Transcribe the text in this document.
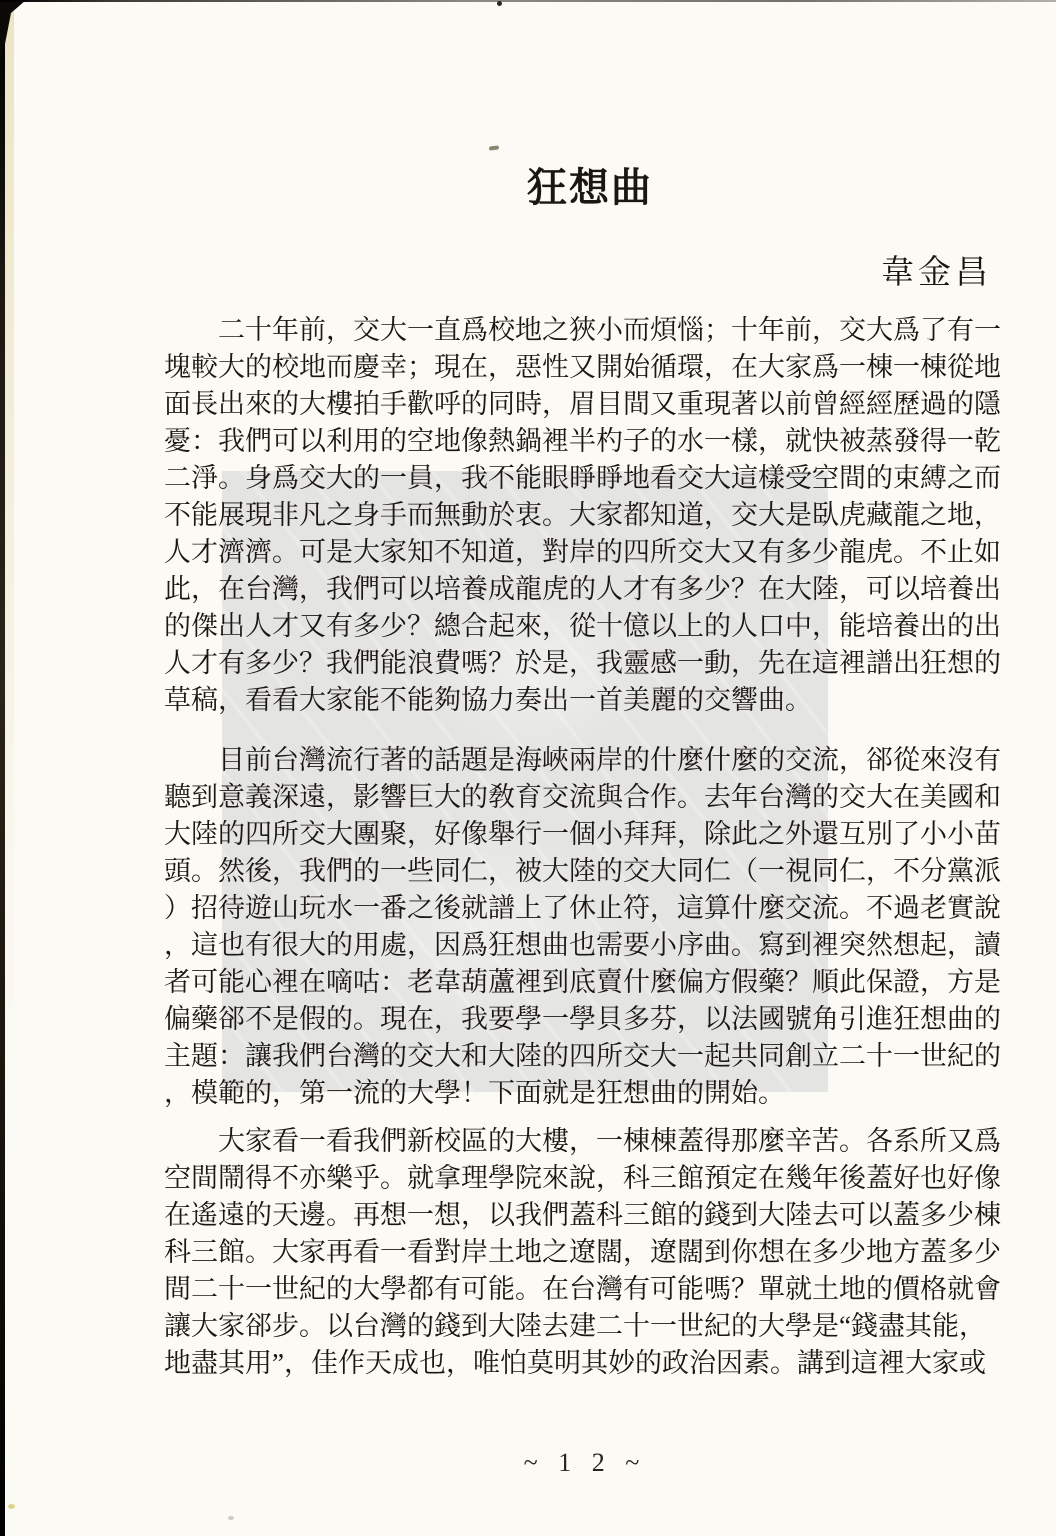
狂想曲
韋金昌
二十年前，交大一直爲校地之狹小而煩惱；十年前，交大爲了有一
塊較大的校地而慶幸；現在，惡性又開始循環，在大家爲一棟一棟從地
面長出來的大樓拍手歡呼的同時，眉目間又重現著以前曾經經歷過的隱
憂：我們可以利用的空地像熱鍋裡半杓子的水一樣，就快被蒸發得一乾
二淨。身爲交大的一員，我不能眼睜睜地看交大這樣受空間的束縛之而
不能展現非凡之身手而無動於衷。大家都知道，交大是臥虎藏龍之地，
人才濟濟。可是大家知不知道，對岸的四所交大又有多少龍虎。不止如
此，在台灣，我們可以培養成龍虎的人才有多少？在大陸，可以培養出
的傑出人才又有多少？總合起來，從十億以上的人口中，能培養出的出
人才有多少？我們能浪費嗎？於是，我靈感一動，先在這裡譜出狂想的
草稿，看看大家能不能夠協力奏出一首美麗的交響曲。
目前台灣流行著的話題是海峽兩岸的什麼什麼的交流，郤從來沒有
聽到意義深遠，影響巨大的敎育交流與合作。去年台灣的交大在美國和
大陸的四所交大團聚，好像舉行一個小拜拜，除此之外還互別了小小苗
頭。然後，我們的一些同仁，被大陸的交大同仁（一視同仁，不分黨派
）招待遊山玩水一番之後就譜上了休止符，這算什麼交流。不過老實說
，這也有很大的用處，因爲狂想曲也需要小序曲。寫到裡突然想起，讀
者可能心裡在嘀咕：老韋葫蘆裡到底賣什麼偏方假藥？順此保證，方是
偏藥郤不是假的。現在，我要學一學貝多芬，以法國號角引進狂想曲的
主題：讓我們台灣的交大和大陸的四所交大一起共同創立二十一世紀的
，模範的，第一流的大學！下面就是狂想曲的開始。
大家看一看我們新校區的大樓，一棟棟蓋得那麼辛苦。各系所又爲
空間鬧得不亦樂乎。就拿理學院來說，科三館預定在幾年後蓋好也好像
在遙遠的天邊。再想一想，以我們蓋科三館的錢到大陸去可以蓋多少棟
科三館。大家再看一看對岸土地之遼闊，遼闊到你想在多少地方蓋多少
間二十一世紀的大學都有可能。在台灣有可能嗎？單就土地的價格就會
讓大家郤步。以台灣的錢到大陸去建二十一世紀的大學是“錢盡其能，
地盡其用”，佳作天成也，唯怕莫明其妙的政治因素。講到這裡大家或
~ 1 2 ~
